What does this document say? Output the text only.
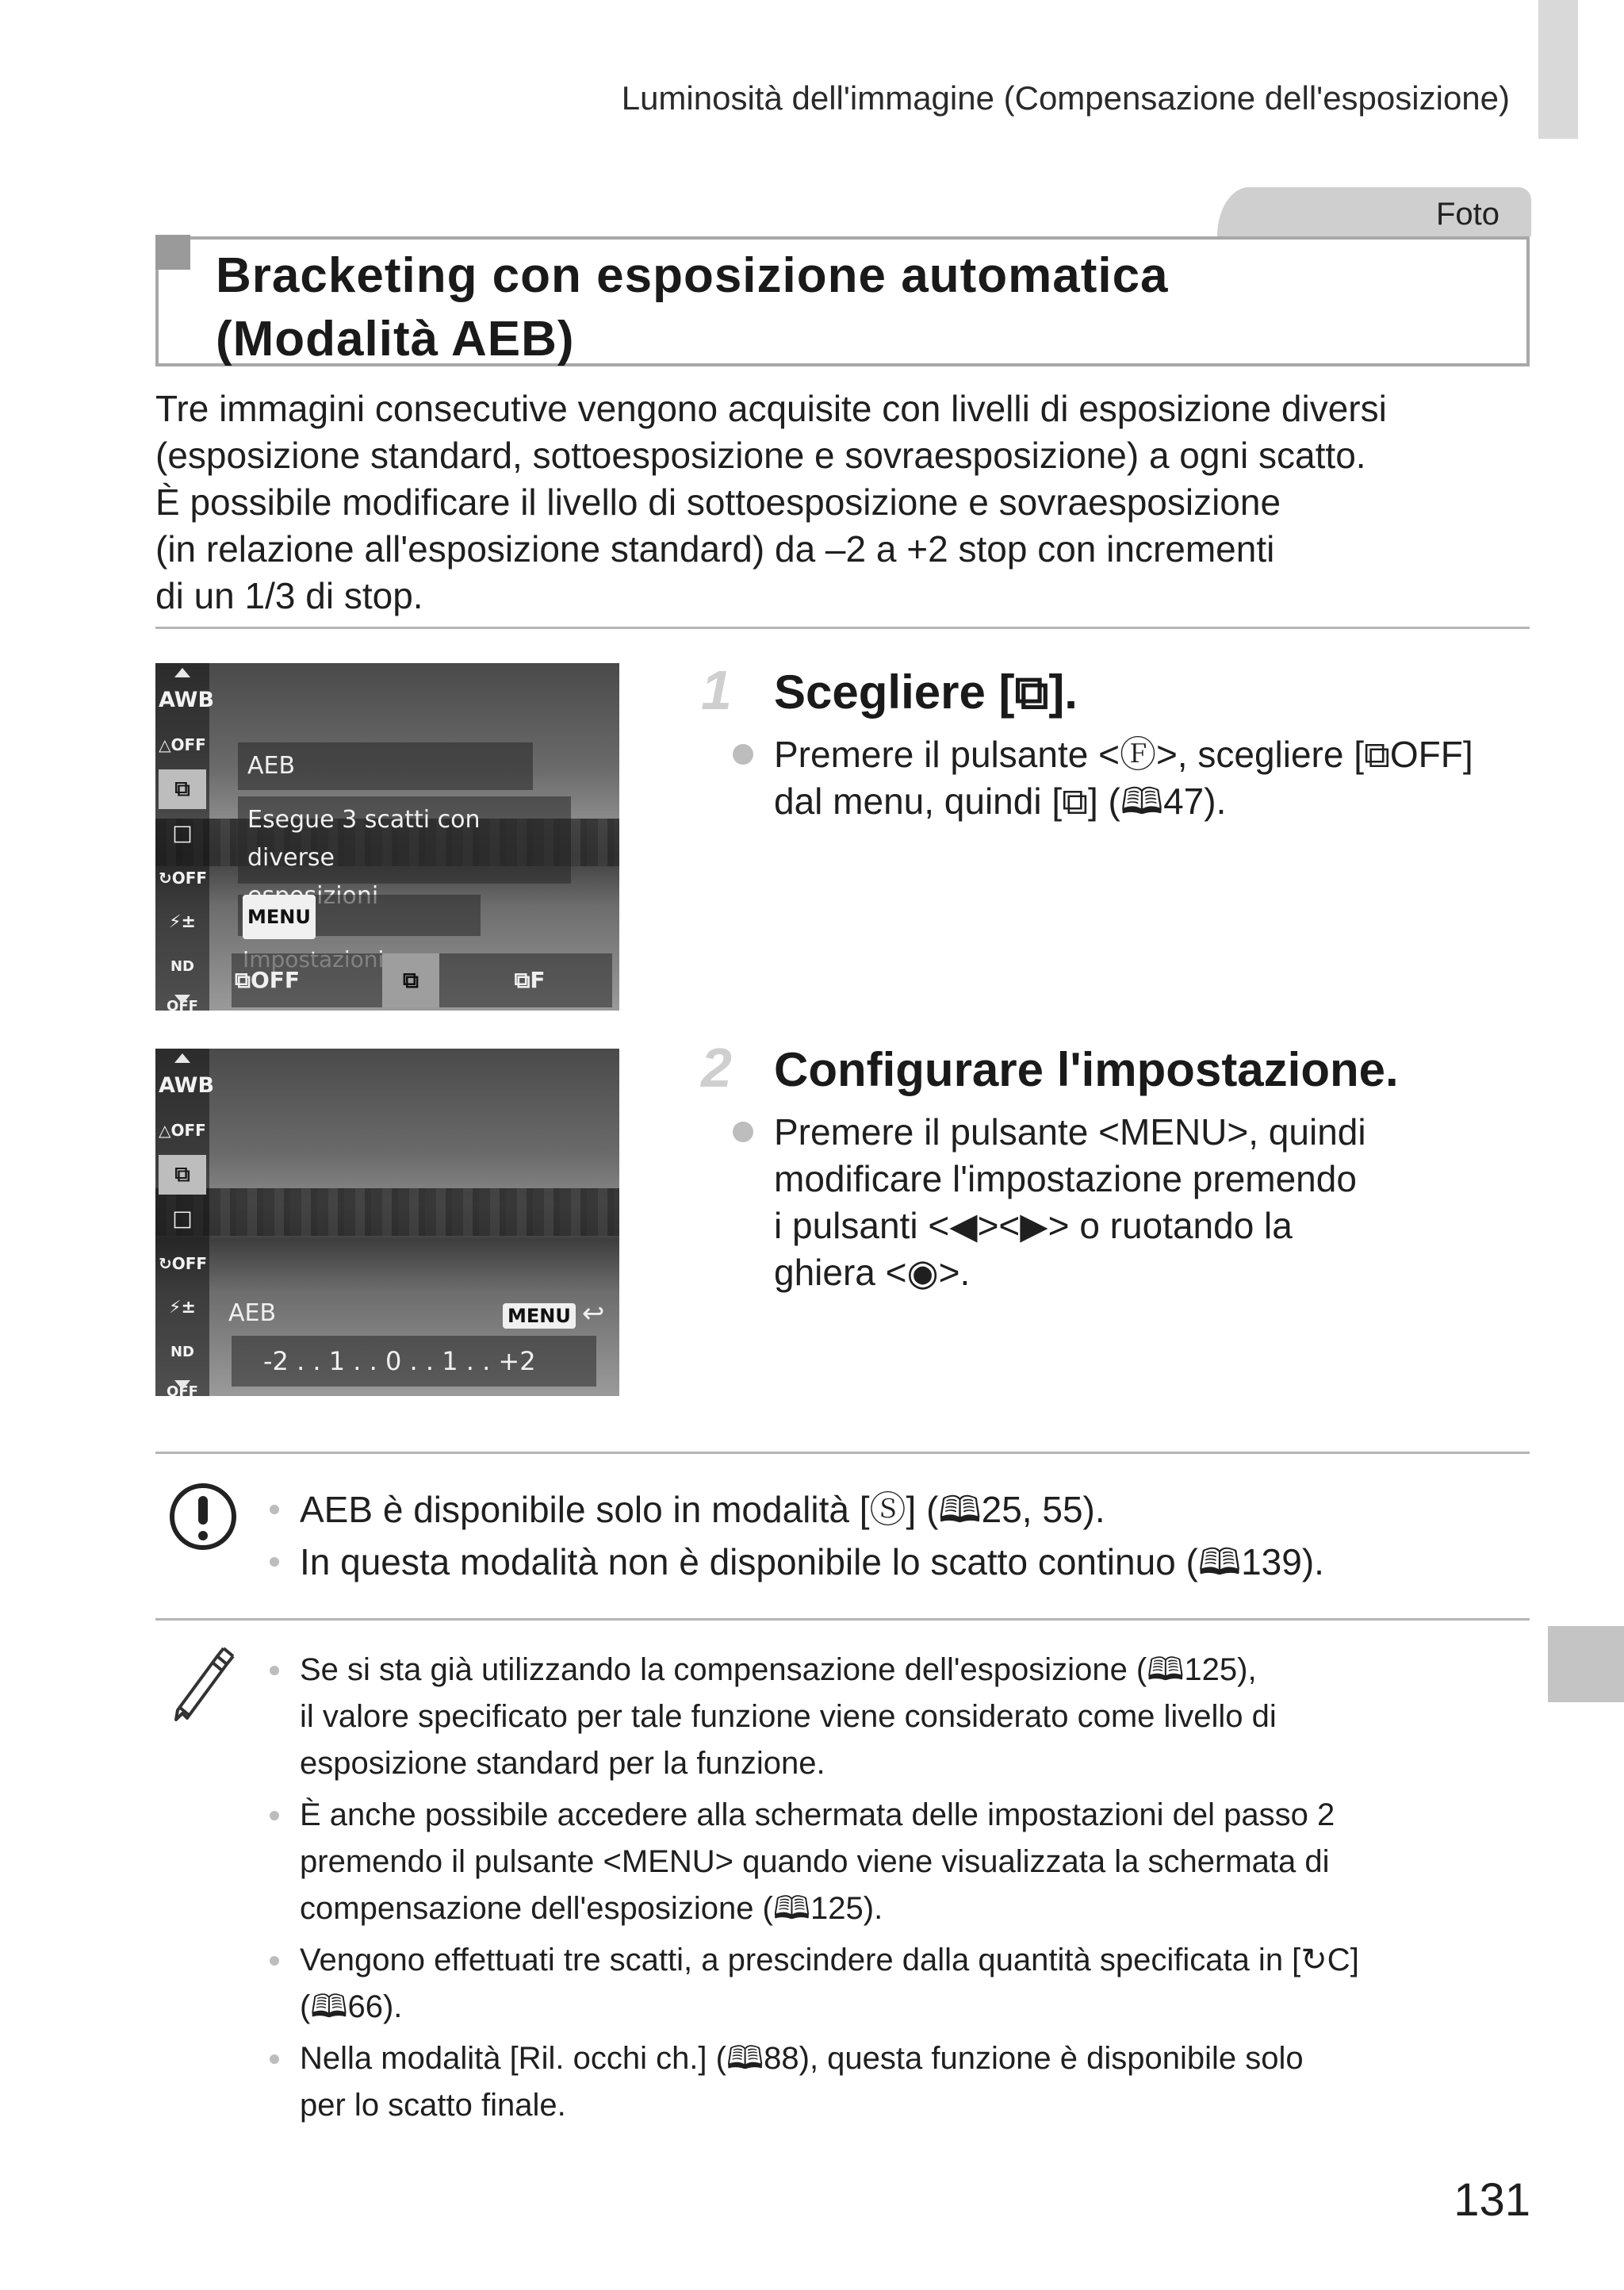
Luminosità dell'immagine (Compensazione dell'esposizione)
Foto
Bracketing con esposizione automatica
(Modalità AEB)
Tre immagini consecutive vengono acquisite con livelli di esposizione diversi
(esposizione standard, sottoesposizione e sovraesposizione) a ogni scatto.
È possibile modificare il livello di sottoesposizione e sovraesposizione
(in relazione all'esposizione standard) da –2 a +2 stop con incrementi
di un 1/3 di stop.
AWB
△OFF
⧉
□
↻OFF
⚡±
ND OFF
AEB
Esegue 3 scatti con diverse
MENU
⧉OFF	⧉	⧉F
1 Scegliere [⧉].
Premere il pulsante <Ⓕ>, scegliere [⧉OFF]
dal menu, quindi [⧉] (🕮47).
AWB
△OFF
⧉
□
↻OFF
⚡±
ND OFF
AEB	MENU ↩
-2 . . 1 . . 0 . . 1 . . +2
2 Configurare l'impostazione.
Premere il pulsante <MENU>, quindi
modificare l'impostazione premendo
i pulsanti <◀><▶> o ruotando la
ghiera <◉>.
AEB è disponibile solo in modalità [Ⓢ] (🕮25, 55).
In questa modalità non è disponibile lo scatto continuo (🕮139).
Se si sta già utilizzando la compensazione dell'esposizione (🕮125),
il valore specificato per tale funzione viene considerato come livello di
esposizione standard per la funzione.
È anche possibile accedere alla schermata delle impostazioni del passo 2
premendo il pulsante <MENU> quando viene visualizzata la schermata di
compensazione dell'esposizione (🕮125).
Vengono effettuati tre scatti, a prescindere dalla quantità specificata in [↻C]
(🕮66).
Nella modalità [Ril. occhi ch.] (🕮88), questa funzione è disponibile solo
per lo scatto finale.
131
